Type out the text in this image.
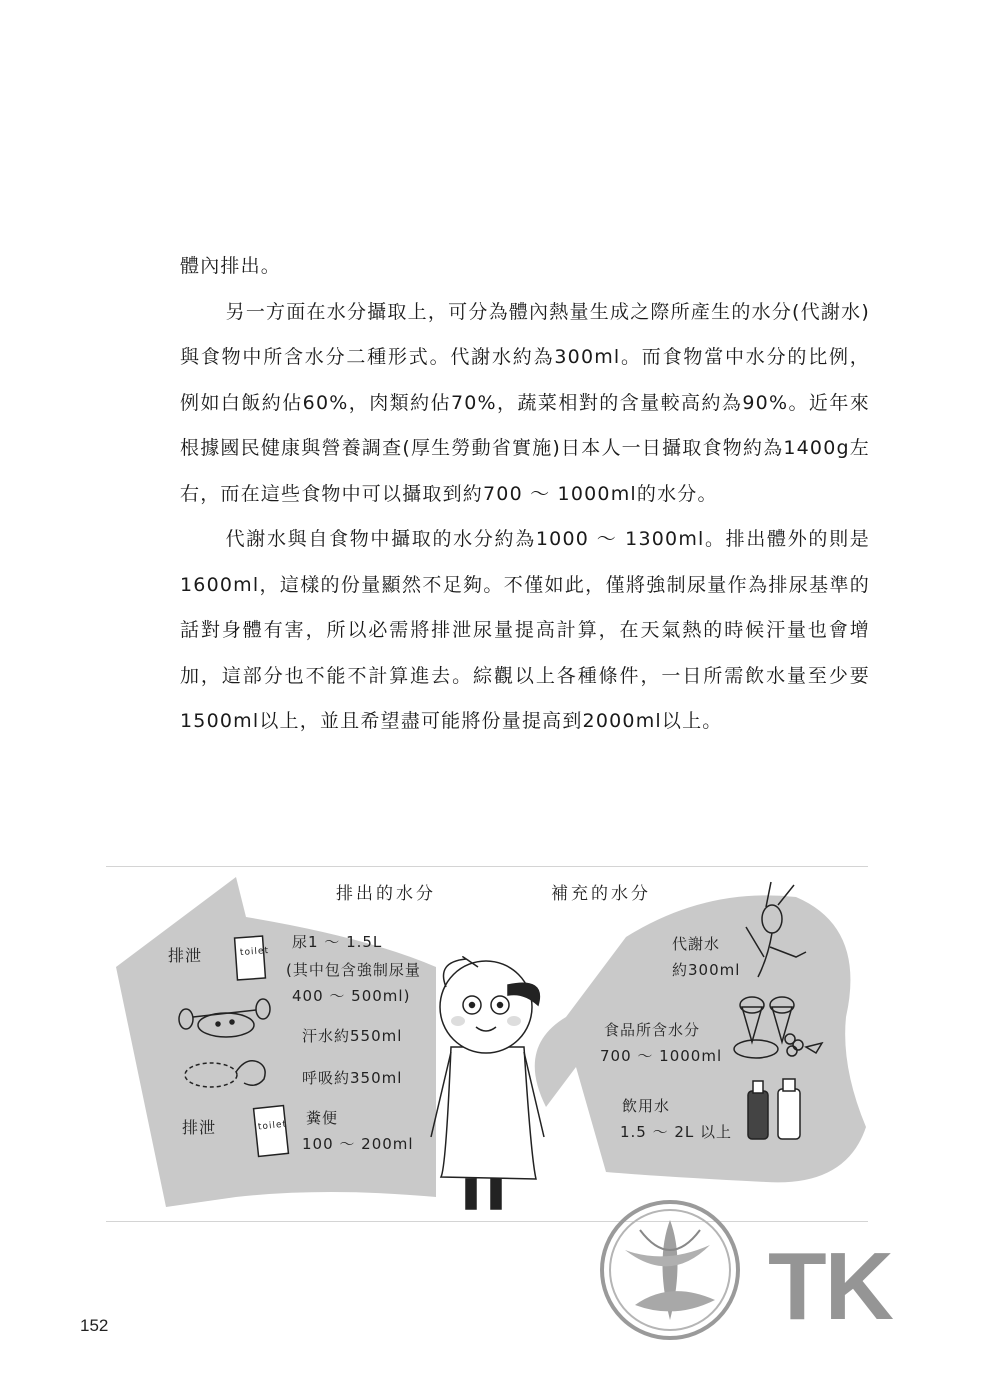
體內排出。

另一方面在水分攝取上，可分為體內熱量生成之際所產生的水分(代謝水)與食物中所含水分二種形式。代謝水約為300ml。而食物當中水分的比例，例如白飯約佔60%，肉類約佔70%，蔬菜相對的含量較高約為90%。近年來根據國民健康與營養調查(厚生勞動省實施)日本人一日攝取食物約為1400g左右，而在這些食物中可以攝取到約700 ～ 1000ml的水分。

代謝水與自食物中攝取的水分約為1000 ～ 1300ml。排出體外的則是1600ml，這樣的份量顯然不足夠。不僅如此，僅將強制尿量作為排尿基準的話對身體有害，所以必需將排泄尿量提高計算，在天氣熱的時候汗量也會增加，這部分也不能不計算進去。綜觀以上各種條件，一日所需飲水量至少要1500ml以上，並且希望盡可能將份量提高到2000ml以上。

排出的水分	補充的水分
排泄	toilet
尿1 ～ 1.5L
(其中包含強制尿量
400 ～ 500ml)
汗水約550ml
呼吸約350ml
排泄	toilet 糞便
100 ～ 200ml
代謝水
約300ml
食品所含水分
700 ～ 1000ml
飲用水
1.5 ～ 2L 以上
TK
152
